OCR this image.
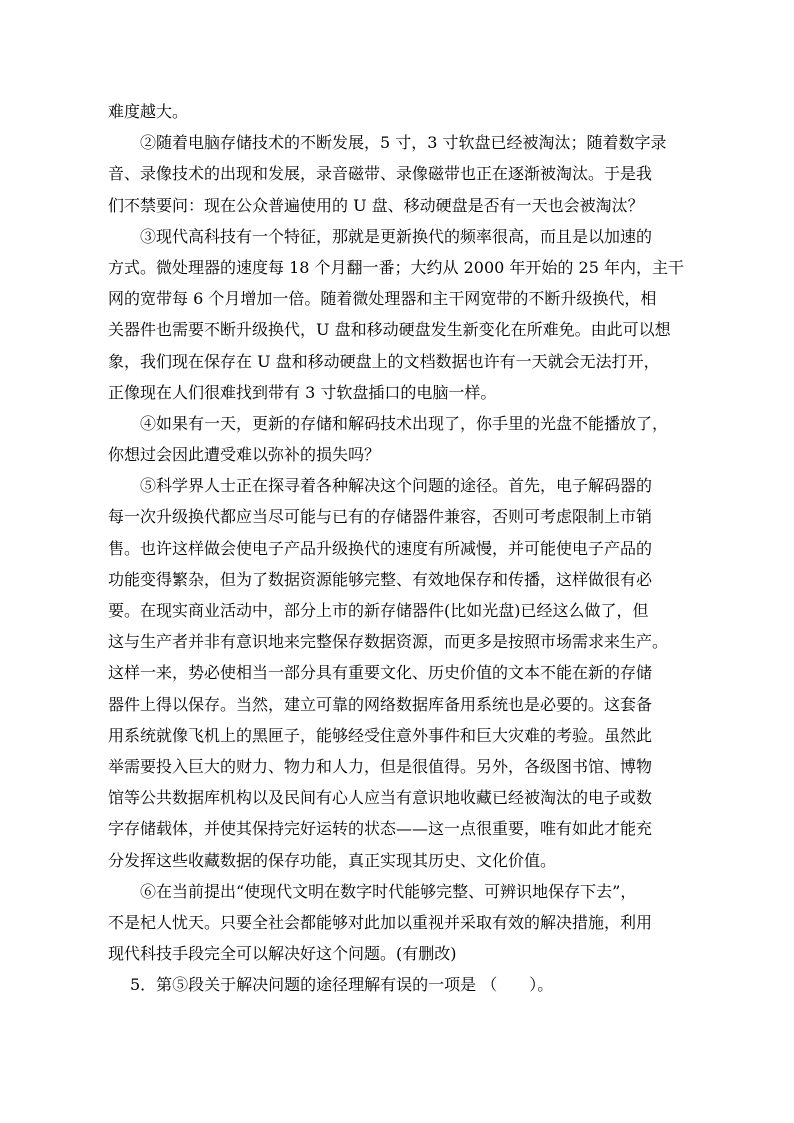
难度越大。
②随着电脑存储技术的不断发展，5 寸，3 寸软盘已经被淘汰；随着数字录
音、录像技术的出现和发展，录音磁带、录像磁带也正在逐渐被淘汰。于是我
们不禁要问：现在公众普遍使用的 U 盘、移动硬盘是否有一天也会被淘汰？
③现代高科技有一个特征，那就是更新换代的频率很高，而且是以加速的
方式。微处理器的速度每 18 个月翻一番；大约从 2000 年开始的 25 年内，主干
网的宽带每 6 个月增加一倍。随着微处理器和主干网宽带的不断升级换代，相
关器件也需要不断升级换代，U 盘和移动硬盘发生新变化在所难免。由此可以想
象，我们现在保存在 U 盘和移动硬盘上的文档数据也许有一天就会无法打开，
正像现在人们很难找到带有 3 寸软盘插口的电脑一样。
④如果有一天，更新的存储和解码技术出现了，你手里的光盘不能播放了，
你想过会因此遭受难以弥补的损失吗？
⑤科学界人士正在探寻着各种解决这个问题的途径。首先，电子解码器的
每一次升级换代都应当尽可能与已有的存储器件兼容，否则可考虑限制上市销
售。也许这样做会使电子产品升级换代的速度有所减慢，并可能使电子产品的
功能变得繁杂，但为了数据资源能够完整、有效地保存和传播，这样做很有必
要。在现实商业活动中，部分上市的新存储器件(比如光盘)已经这么做了，但
这与生产者并非有意识地来完整保存数据资源，而更多是按照市场需求来生产。
这样一来，势必使相当一部分具有重要文化、历史价值的文本不能在新的存储
器件上得以保存。当然，建立可靠的网络数据库备用系统也是必要的。这套备
用系统就像飞机上的黑匣子，能够经受住意外事件和巨大灾难的考验。虽然此
举需要投入巨大的财力、物力和人力，但是很值得。另外，各级图书馆、博物
馆等公共数据库机构以及民间有心人应当有意识地收藏已经被淘汰的电子或数
字存储载体，并使其保持完好运转的状态——这一点很重要，唯有如此才能充
分发挥这些收藏数据的保存功能，真正实现其历史、文化价值。
⑥在当前提出“使现代文明在数字时代能够完整、可辨识地保存下去”，
不是杞人忧天。只要全社会都能够对此加以重视并采取有效的解决措施，利用
现代科技手段完全可以解决好这个问题。(有删改)
5．第⑤段关于解决问题的途径理解有误的一项是 （　　）。
